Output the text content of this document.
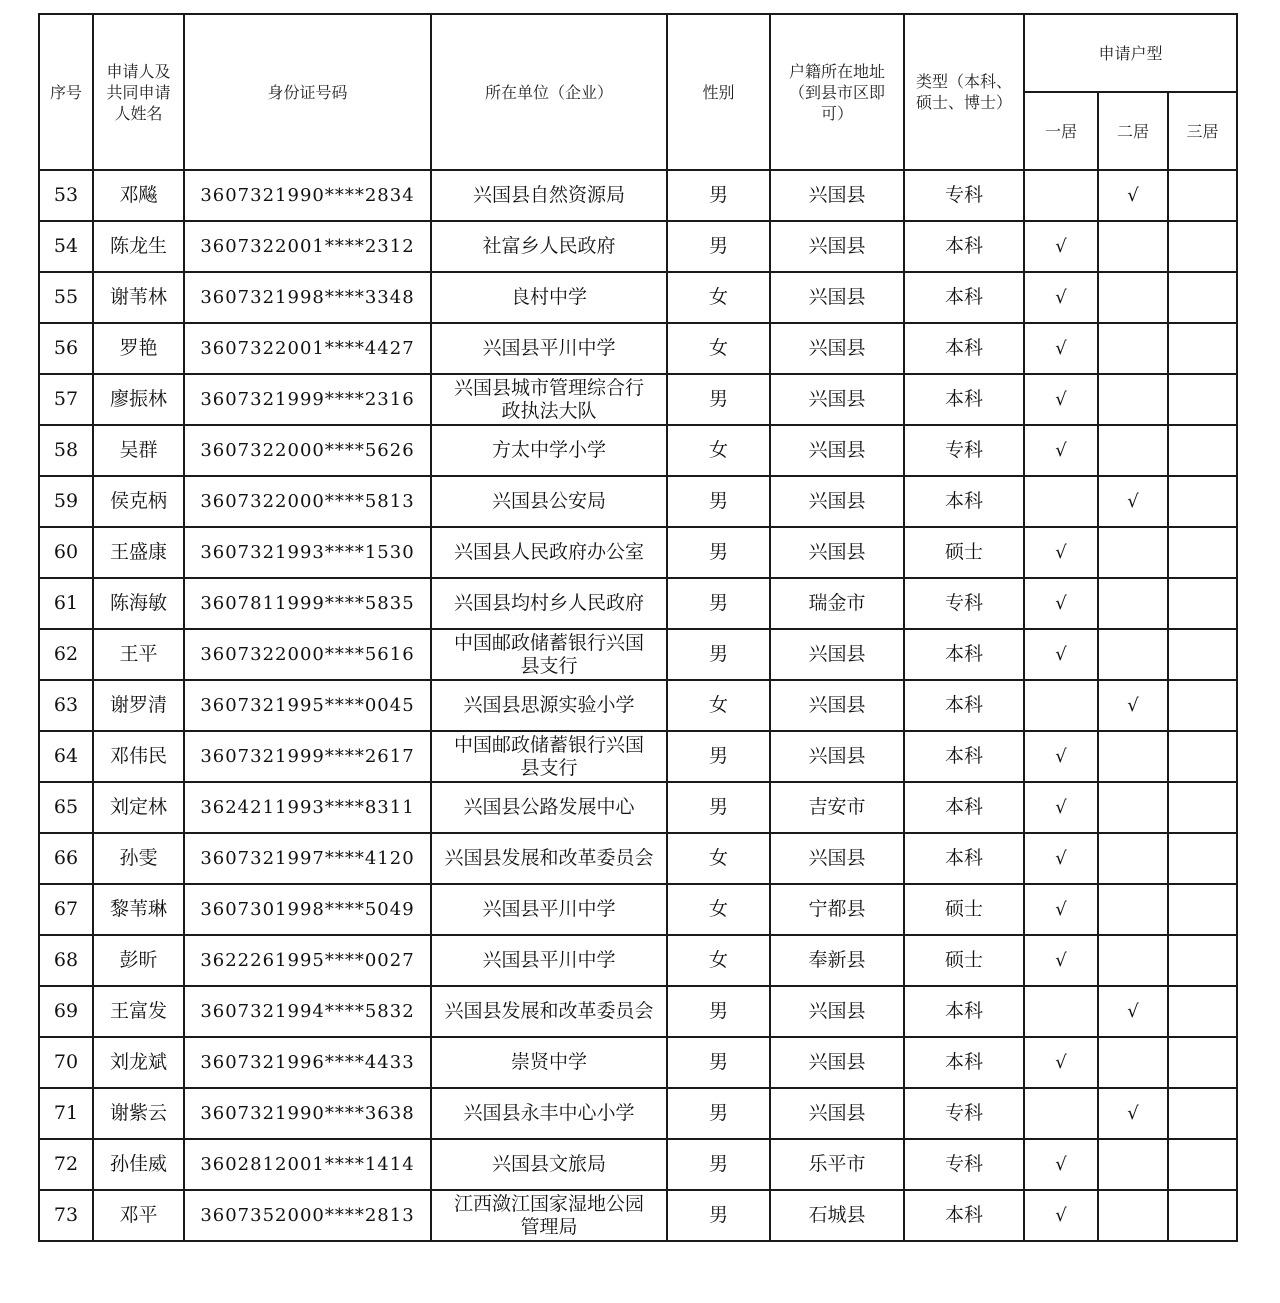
序号	申请人及
共同申请
人姓名	身份证号码	所在单位（企业）	性别	户籍所在地址
（到县市区即
可）	类型（本科、
硕士、博士）	申请户型		
							一居	二居	三居
53	邓飚	3607321990****2834	兴国县自然资源局	男	兴国县	专科		√	
54	陈龙生	3607322001****2312	社富乡人民政府	男	兴国县	本科	√		
55	谢苇林	3607321998****3348	良村中学	女	兴国县	本科	√		
56	罗艳	3607322001****4427	兴国县平川中学	女	兴国县	本科	√		
57	廖振林	3607321999****2316	兴国县城市管理综合行
政执法大队	男	兴国县	本科	√		
58	吴群	3607322000****5626	方太中学小学	女	兴国县	专科	√		
59	侯克柄	3607322000****5813	兴国县公安局	男	兴国县	本科		√	
60	王盛康	3607321993****1530	兴国县人民政府办公室	男	兴国县	硕士	√		
61	陈海敏	3607811999****5835	兴国县均村乡人民政府	男	瑞金市	专科	√		
62	王平	3607322000****5616	中国邮政储蓄银行兴国
县支行	男	兴国县	本科	√		
63	谢罗清	3607321995****0045	兴国县思源实验小学	女	兴国县	本科		√	
64	邓伟民	3607321999****2617	中国邮政储蓄银行兴国
县支行	男	兴国县	本科	√		
65	刘定林	3624211993****8311	兴国县公路发展中心	男	吉安市	本科	√		
66	孙雯	3607321997****4120	兴国县发展和改革委员会	女	兴国县	本科	√		
67	黎苇琳	3607301998****5049	兴国县平川中学	女	宁都县	硕士	√		
68	彭昕	3622261995****0027	兴国县平川中学	女	奉新县	硕士	√		
69	王富发	3607321994****5832	兴国县发展和改革委员会	男	兴国县	本科		√	
70	刘龙斌	3607321996****4433	崇贤中学	男	兴国县	本科	√		
71	谢紫云	3607321990****3638	兴国县永丰中心小学	男	兴国县	专科		√	
72	孙佳威	3602812001****1414	兴国县文旅局	男	乐平市	专科	√		
73	邓平	3607352000****2813	江西潋江国家湿地公园
管理局	男	石城县	本科	√		
